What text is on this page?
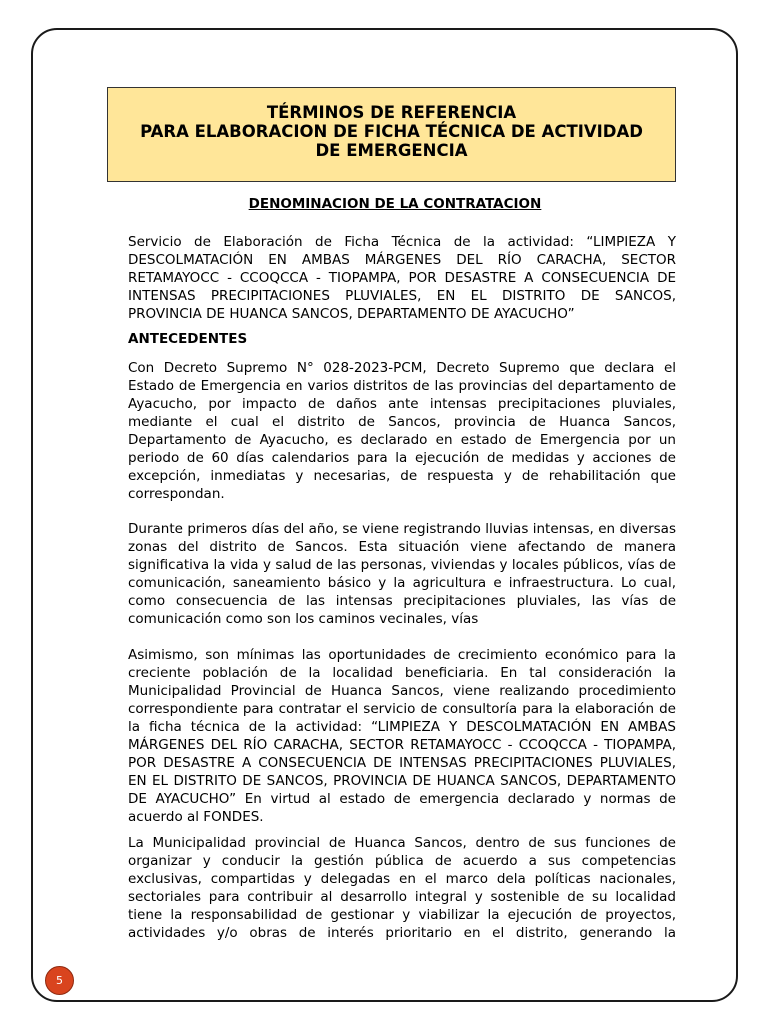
TÉRMINOS DE REFERENCIA
PARA ELABORACION DE FICHA TÉCNICA DE ACTIVIDAD
DE EMERGENCIA
DENOMINACION DE LA CONTRATACION

Servicio de Elaboración de Ficha Técnica de la actividad: “LIMPIEZA Y DESCOLMATACIÓN EN AMBAS MÁRGENES DEL RÍO CARACHA, SECTOR RETAMAYOCC - CCOQCCA - TIOPAMPA, POR DESASTRE A CONSECUENCIA DE INTENSAS PRECIPITACIONES PLUVIALES, EN EL DISTRITO DE SANCOS, PROVINCIA DE HUANCA SANCOS, DEPARTAMENTO DE AYACUCHO”

ANTECEDENTES

Con Decreto Supremo N° 028-2023-PCM, Decreto Supremo que declara el Estado de Emergencia en varios distritos de las provincias del departamento de Ayacucho, por impacto de daños ante intensas precipitaciones pluviales, mediante el cual el distrito de Sancos, provincia de Huanca Sancos, Departamento de Ayacucho, es declarado en estado de Emergencia por un periodo de 60 días calendarios para la ejecución de medidas y acciones de excepción, inmediatas y necesarias, de respuesta y de rehabilitación que correspondan.

Durante primeros días del año, se viene registrando lluvias intensas, en diversas zonas del distrito de Sancos. Esta situación viene afectando de manera significativa la vida y salud de las personas, viviendas y locales públicos, vías de comunicación, saneamiento básico y la agricultura e infraestructura. Lo cual, como consecuencia de las intensas precipitaciones pluviales, las vías de comunicación como son los caminos vecinales, vías

Asimismo, son mínimas las oportunidades de crecimiento económico para la creciente población de la localidad beneficiaria. En tal consideración la Municipalidad Provincial de Huanca Sancos, viene realizando procedimiento correspondiente para contratar el servicio de consultoría para la elaboración de la ficha técnica de la actividad: “LIMPIEZA Y DESCOLMATACIÓN EN AMBAS MÁRGENES DEL RÍO CARACHA, SECTOR RETAMAYOCC - CCOQCCA - TIOPAMPA, POR DESASTRE A CONSECUENCIA DE INTENSAS PRECIPITACIONES PLUVIALES, EN EL DISTRITO DE SANCOS, PROVINCIA DE HUANCA SANCOS, DEPARTAMENTO DE AYACUCHO” En virtud al estado de emergencia declarado y normas de acuerdo al FONDES.

La Municipalidad provincial de Huanca Sancos, dentro de sus funciones de organizar y conducir la gestión pública de acuerdo a sus competencias exclusivas, compartidas y delegadas en el marco dela políticas nacionales, sectoriales para contribuir al desarrollo integral y sostenible de su localidad tiene la responsabilidad de gestionar y viabilizar la ejecución de proyectos, actividades y/o obras de interés prioritario en el distrito, generando la

5
